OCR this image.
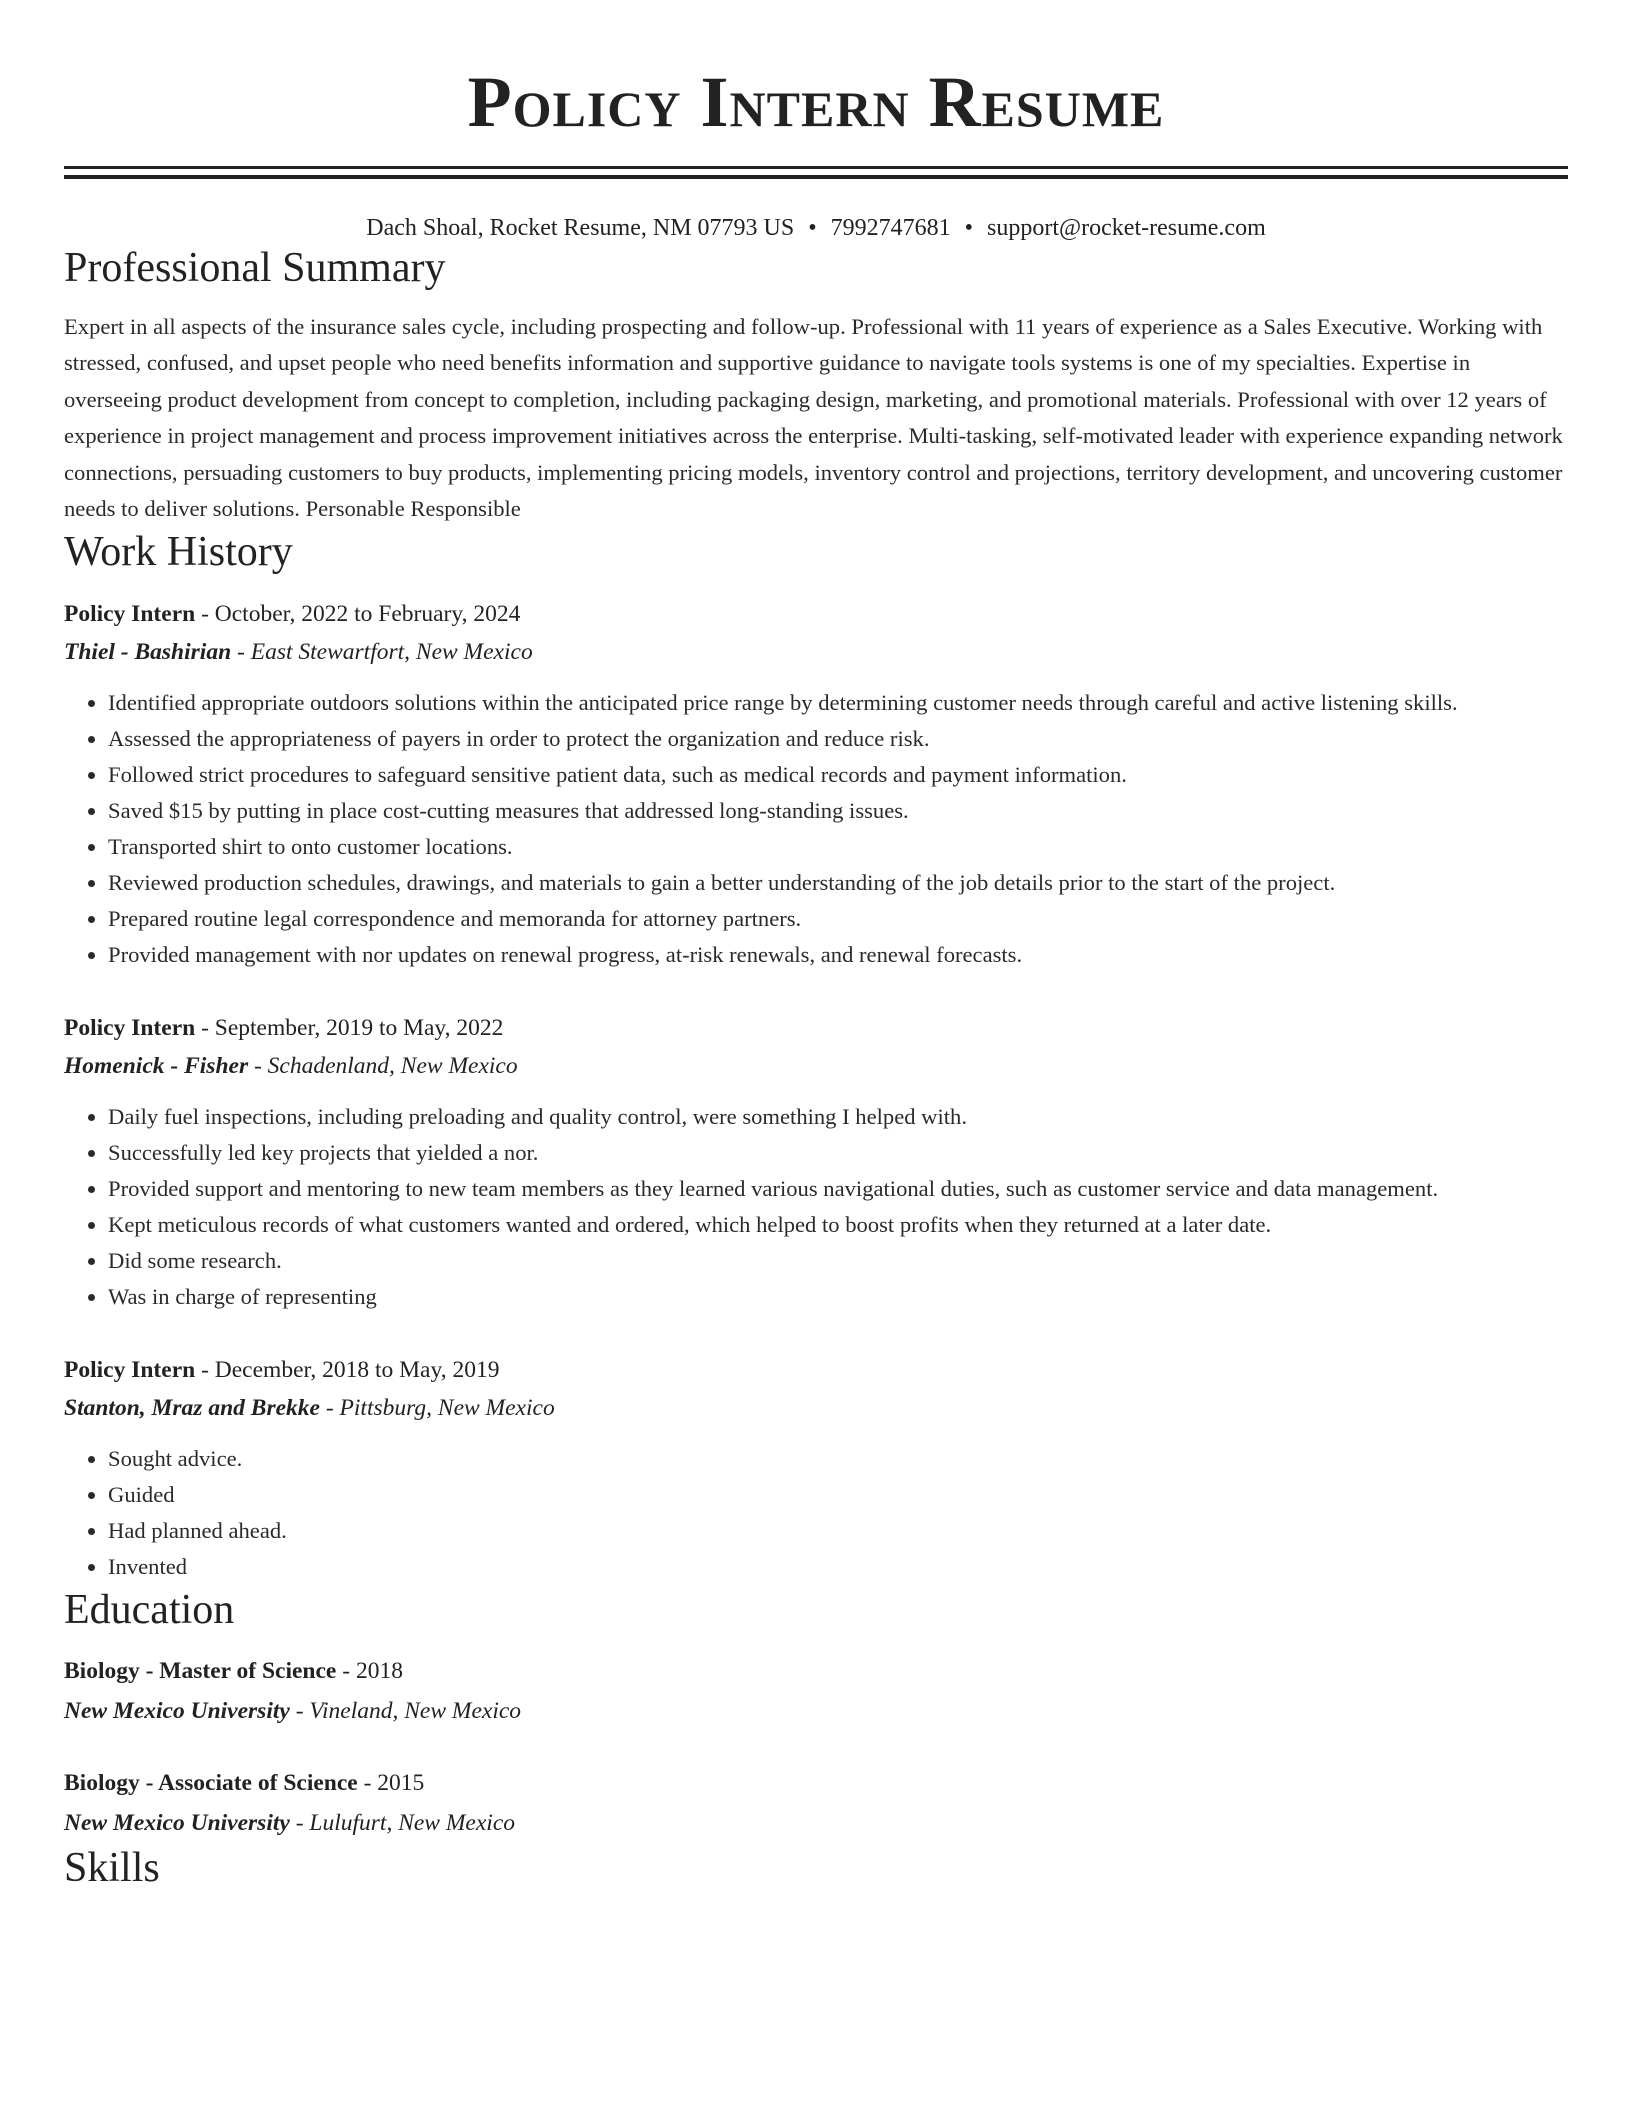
Policy Intern Resume
Dach Shoal, Rocket Resume, NM 07793 US • 7992747681 • support@rocket-resume.com
Professional Summary

Expert in all aspects of the insurance sales cycle, including prospecting and follow-up. Professional with 11 years of experience as a Sales Executive. Working with stressed, confused, and upset people who need benefits information and supportive guidance to navigate tools systems is one of my specialties. Expertise in overseeing product development from concept to completion, including packaging design, marketing, and promotional materials. Professional with over 12 years of experience in project management and process improvement initiatives across the enterprise. Multi-tasking, self-motivated leader with experience expanding network connections, persuading customers to buy products, implementing pricing models, inventory control and projections, territory development, and uncovering customer needs to deliver solutions. Personable Responsible

Work History
Policy Intern - October, 2022 to February, 2024
Thiel - Bashirian - East Stewartfort, New Mexico
• Identified appropriate outdoors solutions within the anticipated price range by determining customer needs through careful and active listening skills.
• Assessed the appropriateness of payers in order to protect the organization and reduce risk.
• Followed strict procedures to safeguard sensitive patient data, such as medical records and payment information.
• Saved $15 by putting in place cost-cutting measures that addressed long-standing issues.
• Transported shirt to onto customer locations.
• Reviewed production schedules, drawings, and materials to gain a better understanding of the job details prior to the start of the project.
• Prepared routine legal correspondence and memoranda for attorney partners.
• Provided management with nor updates on renewal progress, at-risk renewals, and renewal forecasts.
Policy Intern - September, 2019 to May, 2022
Homenick - Fisher - Schadenland, New Mexico
• Daily fuel inspections, including preloading and quality control, were something I helped with.
• Successfully led key projects that yielded a nor.
• Provided support and mentoring to new team members as they learned various navigational duties, such as customer service and data management.
• Kept meticulous records of what customers wanted and ordered, which helped to boost profits when they returned at a later date.
• Did some research.
• Was in charge of representing
Policy Intern - December, 2018 to May, 2019
Stanton, Mraz and Brekke - Pittsburg, New Mexico
• Sought advice.
• Guided
• Had planned ahead.
• Invented
Education
Biology - Master of Science - 2018
New Mexico University - Vineland, New Mexico
Biology - Associate of Science - 2015
New Mexico University - Lulufurt, New Mexico
Skills
